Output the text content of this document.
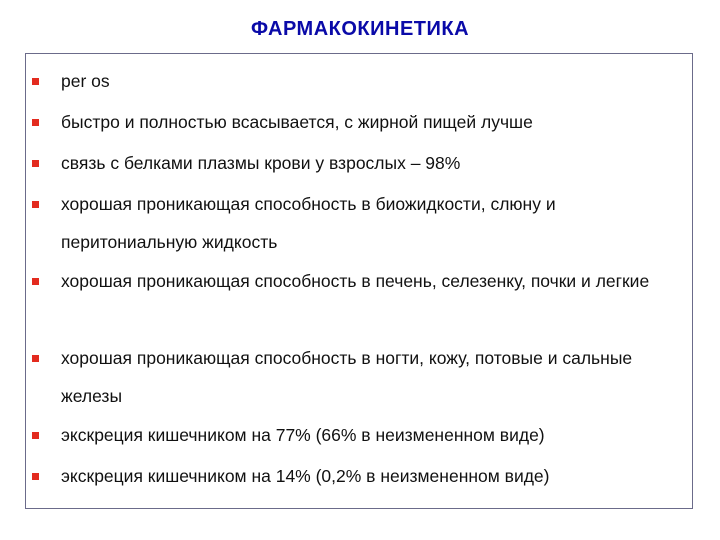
ФАРМАКОКИНЕТИКА
per os
быстро и полностью всасывается, с жирной пищей лучше
связь с белками плазмы крови у взрослых – 98%
хорошая проникающая способность в биожидкости, слюну и перитониальную жидкость
хорошая проникающая способность в печень, селезенку, почки и легкие
хорошая проникающая способность в ногти, кожу, потовые и сальные железы
экскреция кишечником на 77% (66% в неизмененном виде)
экскреция кишечником на 14% (0,2% в неизмененном виде)
